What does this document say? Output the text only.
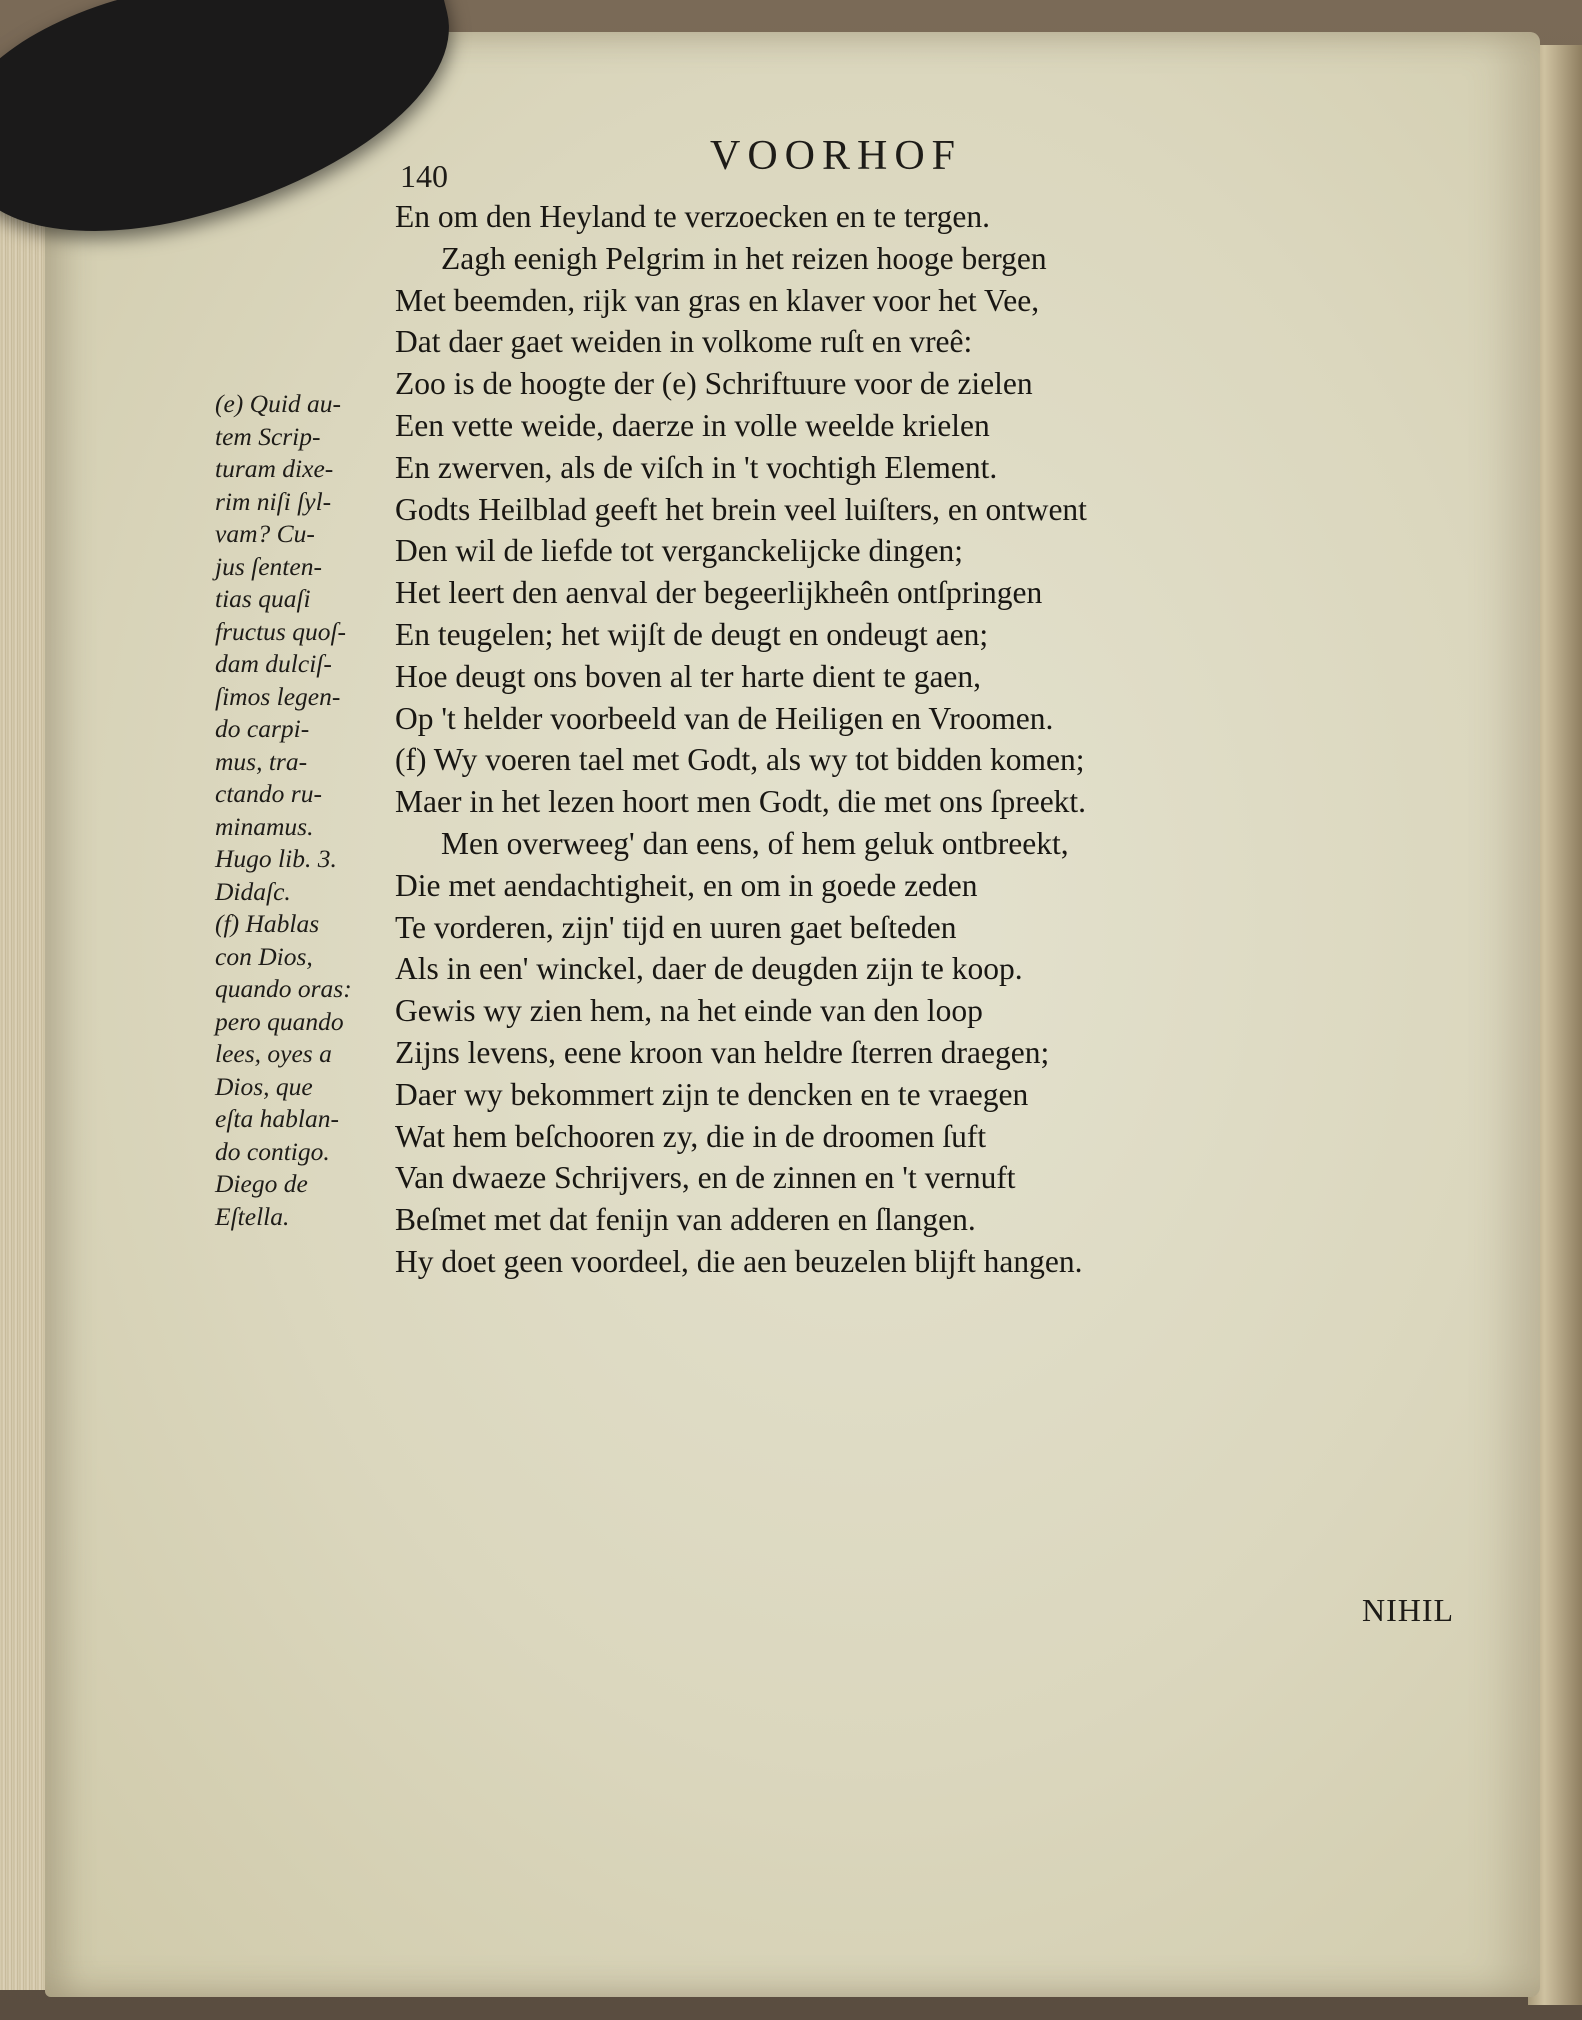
140	VOORHOF
En om den Heyland te verzoecken en te tergen.
Zagh eenigh Pelgrim in het reizen hooge bergen
Met beemden, rijk van gras en klaver voor het Vee,
Dat daer gaet weiden in volkome ruſt en vreê:
Zoo is de hoogte der (e) Schriftuure voor de zielen
Een vette weide, daerze in volle weelde krielen
En zwerven, als de viſch in 't vochtigh Element.
Godts Heilblad geeft het brein veel luiſters, en ontwent
Den wil de liefde tot verganckelijcke dingen;
Het leert den aenval der begeerlijkheên ontſpringen
En teugelen; het wijſt de deugt en ondeugt aen;
Hoe deugt ons boven al ter harte dient te gaen,
Op 't helder voorbeeld van de Heiligen en Vroomen.
(f) Wy voeren tael met Godt, als wy tot bidden komen;
Maer in het lezen hoort men Godt, die met ons ſpreekt.
Men overweeg' dan eens, of hem geluk ontbreekt,
Die met aendachtigheit, en om in goede zeden
Te vorderen, zijn' tijd en uuren gaet beſteden
Als in een' winckel, daer de deugden zijn te koop.
Gewis wy zien hem, na het einde van den loop
Zijns levens, eene kroon van heldre ſterren draegen;
Daer wy bekommert zijn te dencken en te vraegen
Wat hem beſchooren zy, die in de droomen ſuft
Van dwaeze Schrijvers, en de zinnen en 't vernuft
Beſmet met dat fenijn van adderen en ſlangen.
Hy doet geen voordeel, die aen beuzelen blijft hangen.
(e) Quid au-
tem Scrip-
turam dixe-
rim niſi ſyl-
vam? Cu-
jus ſenten-
tias quaſi
fructus quoſ-
dam dulciſ-
ſimos legen-
do carpi-
mus, tra-
ctando ru-
minamus.
Hugo lib. 3.
Didaſc.
(f) Hablas
con Dios,
quando oras:
pero quando
lees, oyes a
Dios, que
eſta hablan-
do contigo.
Diego de
Eſtella.
NIHIL
